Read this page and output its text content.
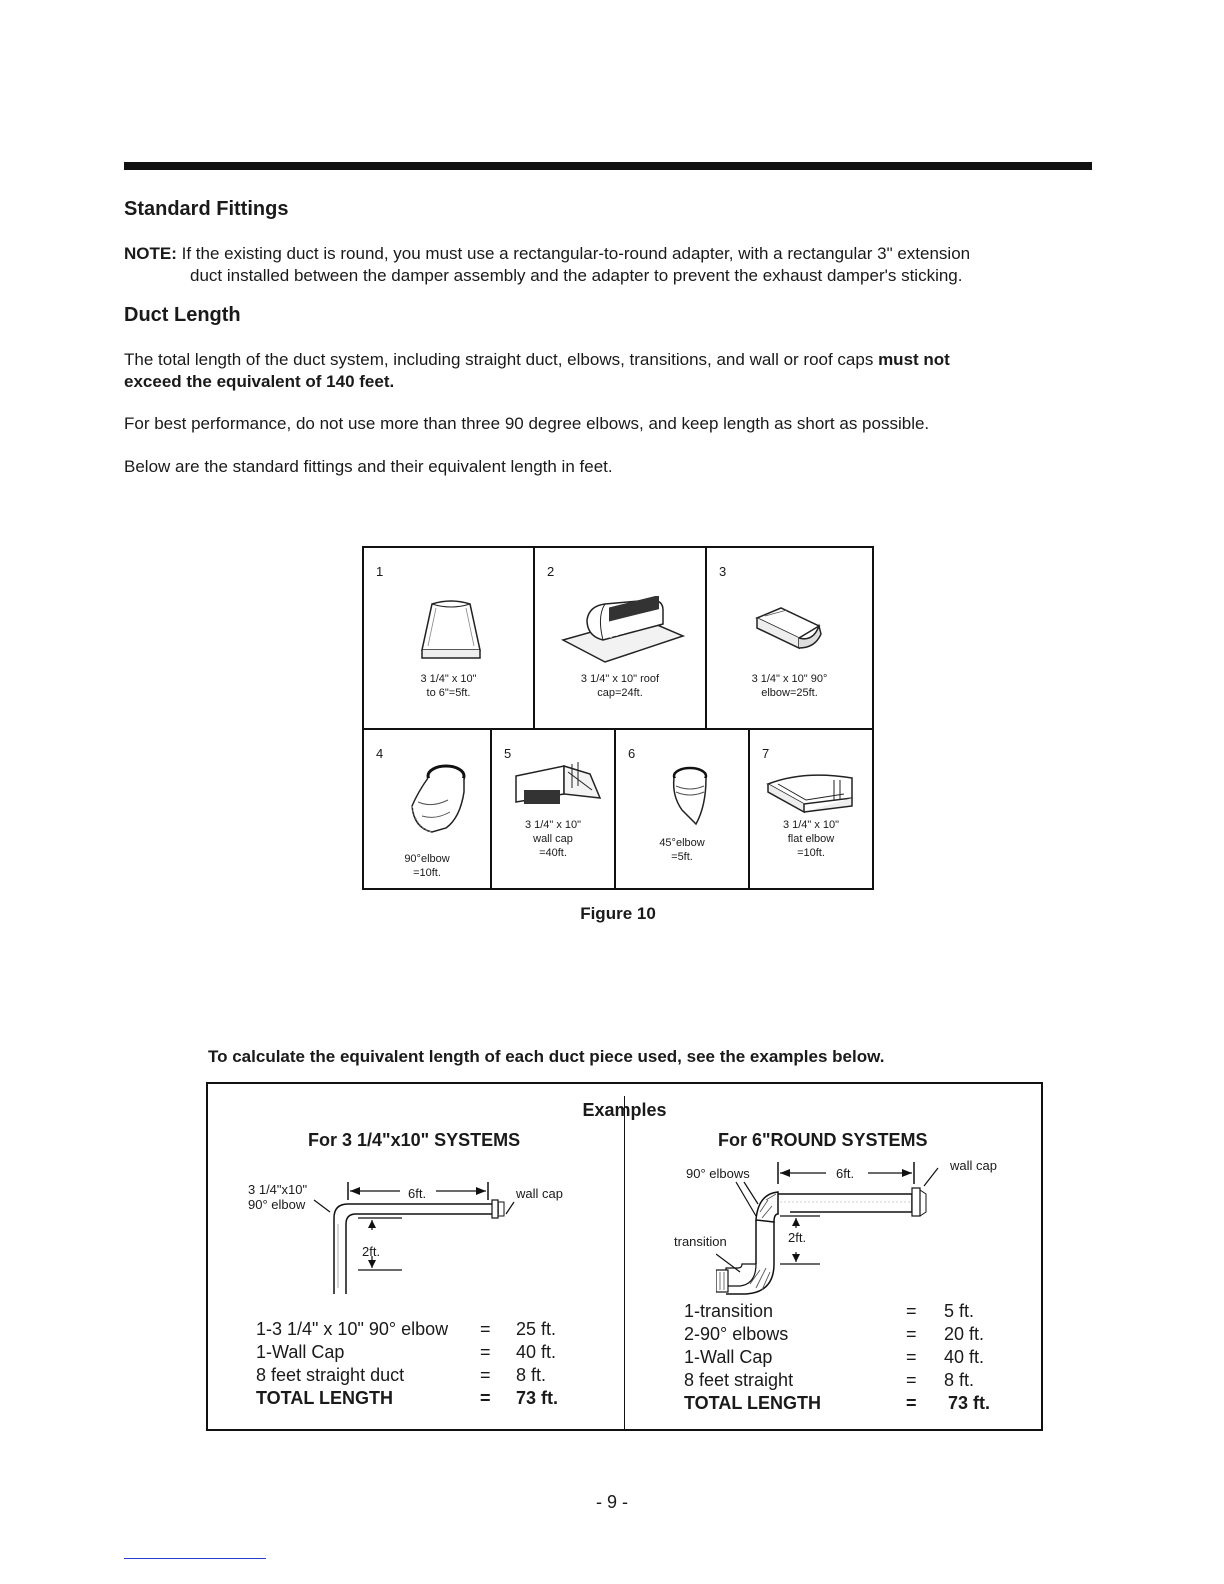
Standard Fittings

NOTE: If the existing duct is round, you must use a rectangular-to-round adapter, with a rectangular 3" extension

duct installed between the damper assembly and the adapter to prevent the exhaust damper's sticking.

Duct Length

The total length of the duct system, including straight duct, elbows, transitions, and wall or roof caps must not
exceed the equivalent of 140 feet.

For best performance, do not use more than three 90 degree elbows, and keep length as short as possible.

Below are the standard fittings and their equivalent length in feet.

1
3 1/4" x 10"
to 6"=5ft.
2
3 1/4" x 10" roof
cap=24ft.
3
3 1/4" x 10" 90°
elbow=25ft.
4
90°elbow
=10ft.
5
3 1/4" x 10"
wall cap
=40ft.
6
45°elbow
=5ft.
7
3 1/4" x 10"
flat elbow
=10ft.

Figure 10

To calculate the equivalent length of each duct piece used, see the examples below.

Examples
For 3 1/4"x10" SYSTEMS
3 1/4"x10"
90° elbow
6ft.	wall cap
2ft.
1-3 1/4" x 10" 90° elbow = 25 ft.
1-Wall Cap	= 40 ft.
8 feet straight duct	= 8 ft.
TOTAL LENGTH	= 73 ft.
For 6"ROUND SYSTEMS
90° elbows	6ft.
wall cap
transition	2ft.
1-transition	= 5 ft.
2-90° elbows	= 20 ft.
1-Wall Cap	= 40 ft.
8 feet straight	= 8 ft.
TOTAL LENGTH	= 73 ft.

- 9 -
